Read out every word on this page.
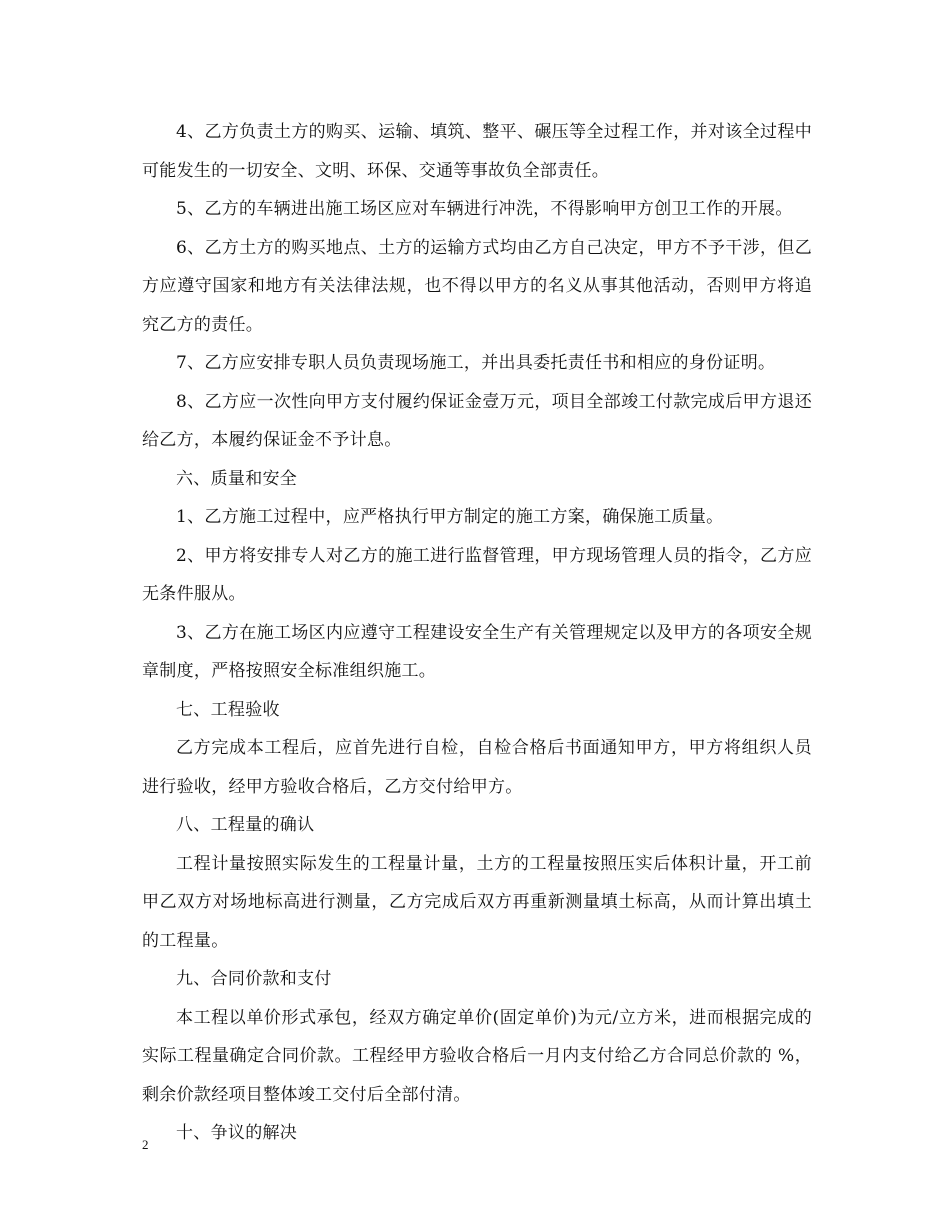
4、乙方负责土方的购买、运输、填筑、整平、碾压等全过程工作，并对该全过程中可能发生的一切安全、文明、环保、交通等事故负全部责任。

5、乙方的车辆进出施工场区应对车辆进行冲洗，不得影响甲方创卫工作的开展。

6、乙方土方的购买地点、土方的运输方式均由乙方自己决定，甲方不予干涉，但乙方应遵守国家和地方有关法律法规，也不得以甲方的名义从事其他活动，否则甲方将追究乙方的责任。

7、乙方应安排专职人员负责现场施工，并出具委托责任书和相应的身份证明。

8、乙方应一次性向甲方支付履约保证金壹万元，项目全部竣工付款完成后甲方退还给乙方，本履约保证金不予计息。

六、质量和安全

1、乙方施工过程中，应严格执行甲方制定的施工方案，确保施工质量。

2、甲方将安排专人对乙方的施工进行监督管理，甲方现场管理人员的指令，乙方应无条件服从。

3、乙方在施工场区内应遵守工程建设安全生产有关管理规定以及甲方的各项安全规章制度，严格按照安全标准组织施工。

七、工程验收

乙方完成本工程后，应首先进行自检，自检合格后书面通知甲方，甲方将组织人员进行验收，经甲方验收合格后，乙方交付给甲方。

八、工程量的确认

工程计量按照实际发生的工程量计量，土方的工程量按照压实后体积计量，开工前甲乙双方对场地标高进行测量，乙方完成后双方再重新测量填土标高，从而计算出填土的工程量。

九、合同价款和支付

本工程以单价形式承包，经双方确定单价(固定单价)为元/立方米，进而根据完成的实际工程量确定合同价款。工程经甲方验收合格后一月内支付给乙方合同总价款的 %，剩余价款经项目整体竣工交付后全部付清。

十、争议的解决

2
